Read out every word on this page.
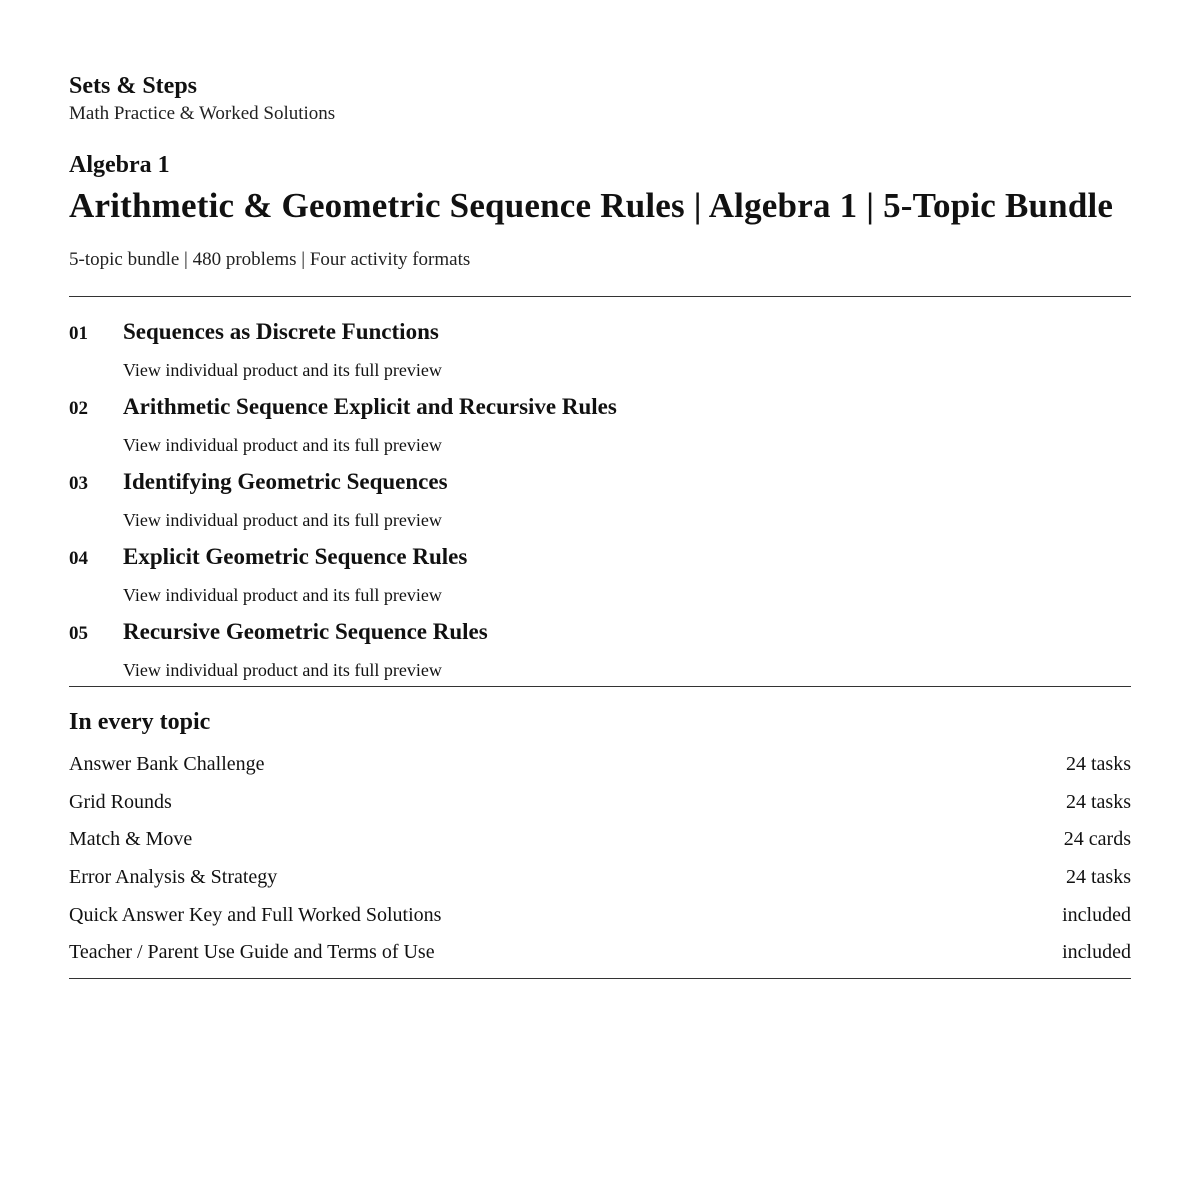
Sets & Steps
Math Practice & Worked Solutions
Algebra 1
Arithmetic & Geometric Sequence Rules | Algebra 1 | 5-Topic Bundle
5-topic bundle | 480 problems | Four activity formats
01	Sequences as Discrete Functions
View individual product and its full preview
02	Arithmetic Sequence Explicit and Recursive Rules
View individual product and its full preview
03	Identifying Geometric Sequences
View individual product and its full preview
04	Explicit Geometric Sequence Rules
View individual product and its full preview
05	Recursive Geometric Sequence Rules
View individual product and its full preview
In every topic
Answer Bank Challenge	24 tasks
Grid Rounds	24 tasks
Match & Move	24 cards
Error Analysis & Strategy	24 tasks
Quick Answer Key and Full Worked Solutions	included
Teacher / Parent Use Guide and Terms of Use	included
